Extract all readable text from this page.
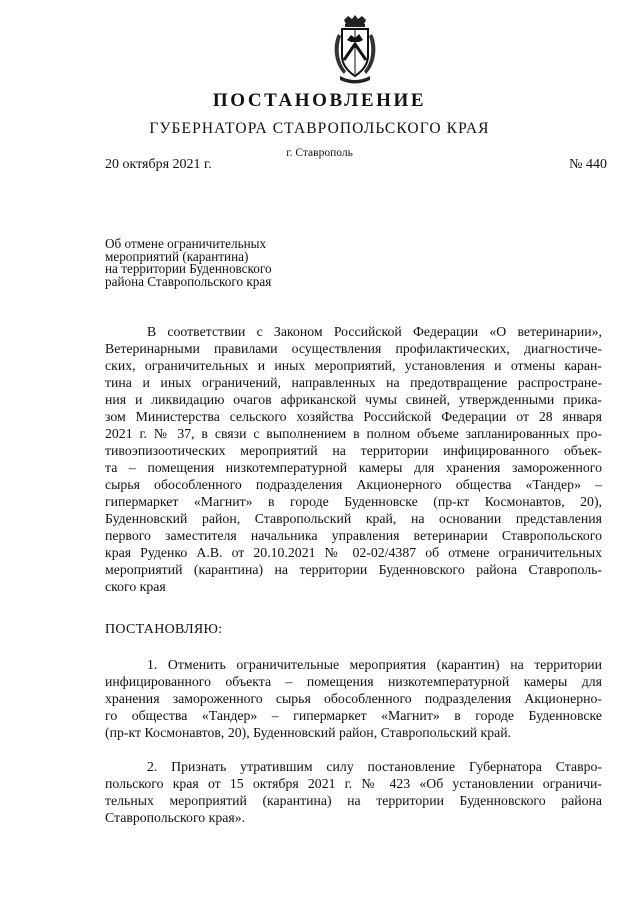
ПОСТАНОВЛЕНИЕ
ГУБЕРНАТОРА СТАВРОПОЛЬСКОГО КРАЯ
г. Ставрополь
20 октября 2021 г.	№ 440
Об отмене ограничительных
мероприятий (карантина)
на территории Буденновского
района Ставропольского края
В соответствии с Законом Российской Федерации «О ветеринарии»,
Ветеринарными правилами осуществления профилактических, диагностиче-
ских, ограничительных и иных мероприятий, установления и отмены каран-
тина и иных ограничений, направленных на предотвращение распростране-
ния и ликвидацию очагов африканской чумы свиней, утвержденными прика-
зом Министерства сельского хозяйства Российской Федерации от 28 января
2021 г. № 37, в связи с выполнением в полном объеме запланированных про-
тивоэпизоотических мероприятий на территории инфицированного объек-
та – помещения низкотемпературной камеры для хранения замороженного
сырья обособленного подразделения Акционерного общества «Тандер» –
гипермаркет «Магнит» в городе Буденновске (пр-кт Космонавтов, 20),
Буденновский район, Ставропольский край, на основании представления
первого заместителя начальника управления ветеринарии Ставропольского
края Руденко А.В. от 20.10.2021 № 02-02/4387 об отмене ограничительных
мероприятий (карантина) на территории Буденновского района Ставрополь-
ского края
ПОСТАНОВЛЯЮ:
1. Отменить ограничительные мероприятия (карантин) на территории
инфицированного объекта – помещения низкотемпературной камеры для
хранения замороженного сырья обособленного подразделения Акционерно-
го общества «Тандер» – гипермаркет «Магнит» в городе Буденновске
(пр-кт Космонавтов, 20), Буденновский район, Ставропольский край.
2. Признать утратившим силу постановление Губернатора Ставро-
польского края от 15 октября 2021 г. № 423 «Об установлении ограничи-
тельных мероприятий (карантина) на территории Буденновского района
Ставропольского края».
